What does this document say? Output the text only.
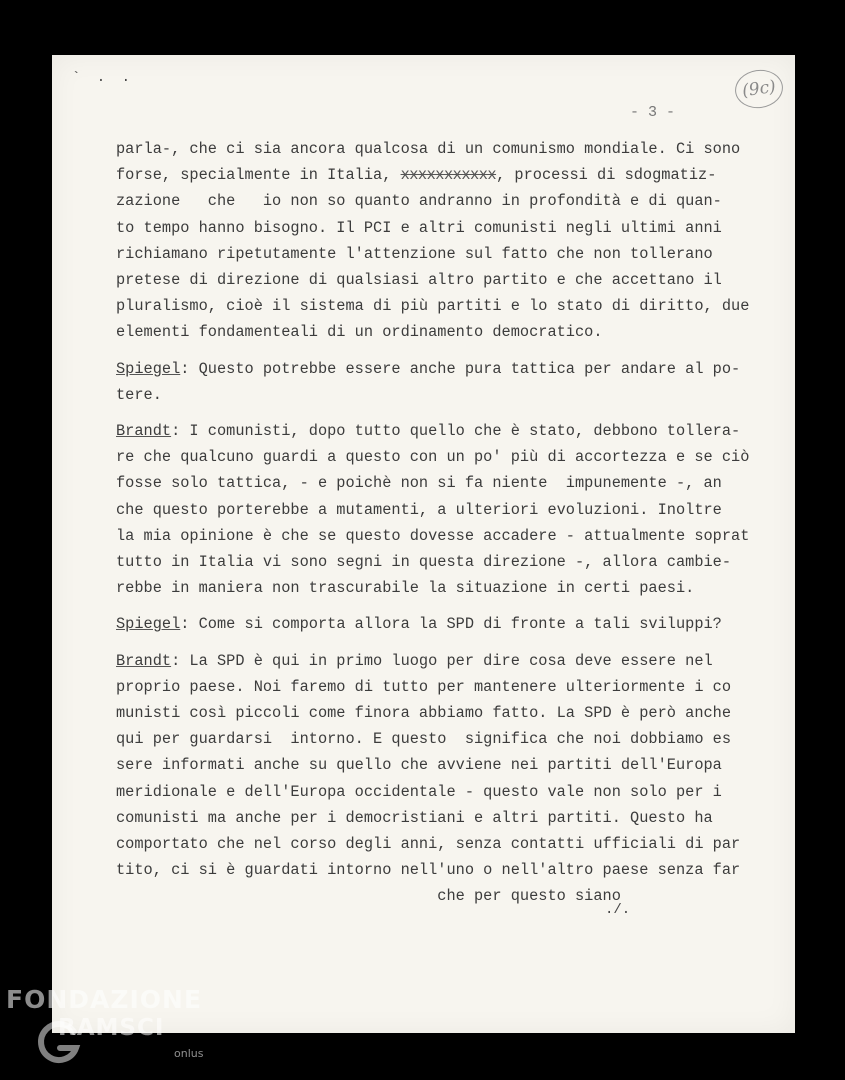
` . .
- 3 -
(9c)
parla-, che ci sia ancora qualcosa di un comunismo mondiale. Ci sono
forse, specialmente in Italia, xxxxxxxxxxx, processi di sdogmatiz-
zazione   che   io non so quanto andranno in profondità e di quan-
to tempo hanno bisogno. Il PCI e altri comunisti negli ultimi anni
richiamano ripetutamente l'attenzione sul fatto che non tollerano
pretese di direzione di qualsiasi altro partito e che accettano il
pluralismo, cioè il sistema di più partiti e lo stato di diritto, due
elementi fondamenteali di un ordinamento democratico.
Spiegel: Questo potrebbe essere anche pura tattica per andare al po-
tere.
Brandt: I comunisti, dopo tutto quello che è stato, debbono tollera-
re che qualcuno guardi a questo con un po' più di accortezza e se ciò
fosse solo tattica, - e poichè non si fa niente  impunemente -, an
che questo porterebbe a mutamenti, a ulteriori evoluzioni. Inoltre
la mia opinione è che se questo dovesse accadere - attualmente soprat
tutto in Italia vi sono segni in questa direzione -, allora cambie-
rebbe in maniera non trascurabile la situazione in certi paesi.
Spiegel: Come si comporta allora la SPD di fronte a tali sviluppi?
Brandt: La SPD è qui in primo luogo per dire cosa deve essere nel
proprio paese. Noi faremo di tutto per mantenere ulteriormente i co
munisti così piccoli come finora abbiamo fatto. La SPD è però anche
qui per guardarsi  intorno. E questo  significa che noi dobbiamo es
sere informati anche su quello che avviene nei partiti dell'Europa
meridionale e dell'Europa occidentale - questo vale non solo per i
comunisti ma anche per i democristiani e altri partiti. Questo ha
comportato che nel corso degli anni, senza contatti ufficiali di par
tito, ci si è guardati intorno nell'uno o nell'altro paese senza far
che per questo siano
./.
FONDAZIONE
RAMSCI
onlus
